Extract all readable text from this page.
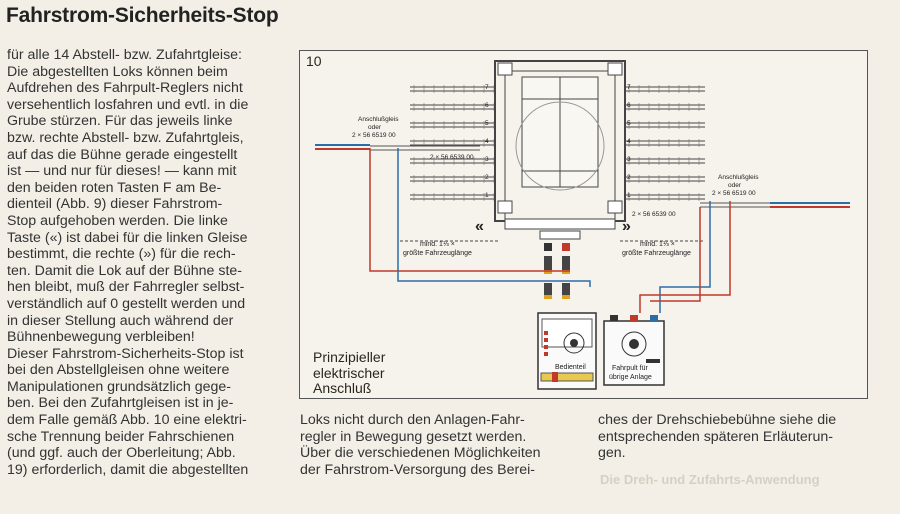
Fahrstrom-Sicherheits-Stop

für alle 14 Abstell- bzw. Zufahrtgleise:

Die abgestellten Loks können beim

Aufdrehen des Fahrpult-Reglers nicht

versehentlich losfahren und evtl. in die

Grube stürzen. Für das jeweils linke

bzw. rechte Abstell- bzw. Zufahrtgleis,

auf das die Bühne gerade eingestellt

ist — und nur für dieses! — kann mit

den beiden roten Tasten F am Be-

dienteil (Abb. 9) dieser Fahrstrom-

Stop aufgehoben werden. Die linke

Taste («) ist dabei für die linken Gleise

bestimmt, die rechte (») für die rech-

ten. Damit die Lok auf der Bühne ste-

hen bleibt, muß der Fahrregler selbst-

verständlich auf 0 gestellt werden und

in dieser Stellung auch während der

Bühnenbewegung verbleiben!

Dieser Fahrstrom-Sicherheits-Stop ist

bei den Abstellgleisen ohne weitere

Manipulationen grundsätzlich gege-

ben. Bei den Zufahrtgleisen ist in je-

dem Falle gemäß Abb. 10 eine elektri-

sche Trennung beider Fahrschienen

(und ggf. auch der Oberleitung; Abb.

19) erforderlich, damit die abgestellten

Loks nicht durch den Anlagen-Fahr-

regler in Bewegung gesetzt werden.

Über die verschiedenen Möglichkeiten

der Fahrstrom-Versorgung des Berei-

ches der Drehschiebebühne siehe die

entsprechenden späteren Erläuterun-

gen.

10
7
6
5
4
3
2
1
7
6
5
4
3
2
1
«	»
Anschlußgleis
oder
2 × 56 6519 00
2 × 56 6539 00
Anschlußgleis
oder
2 × 56 6519 00
2 × 56 6539 00
mind. 1⅓ ×
größte Fahrzeuglänge
mind. 1⅓ ×
größte Fahrzeuglänge
Bedienteil	Fahrpult für
übrige Anlage

Prinzipieller

elektrischer

Anschluß

Die Dreh- und Zufahrts-Anwendung
